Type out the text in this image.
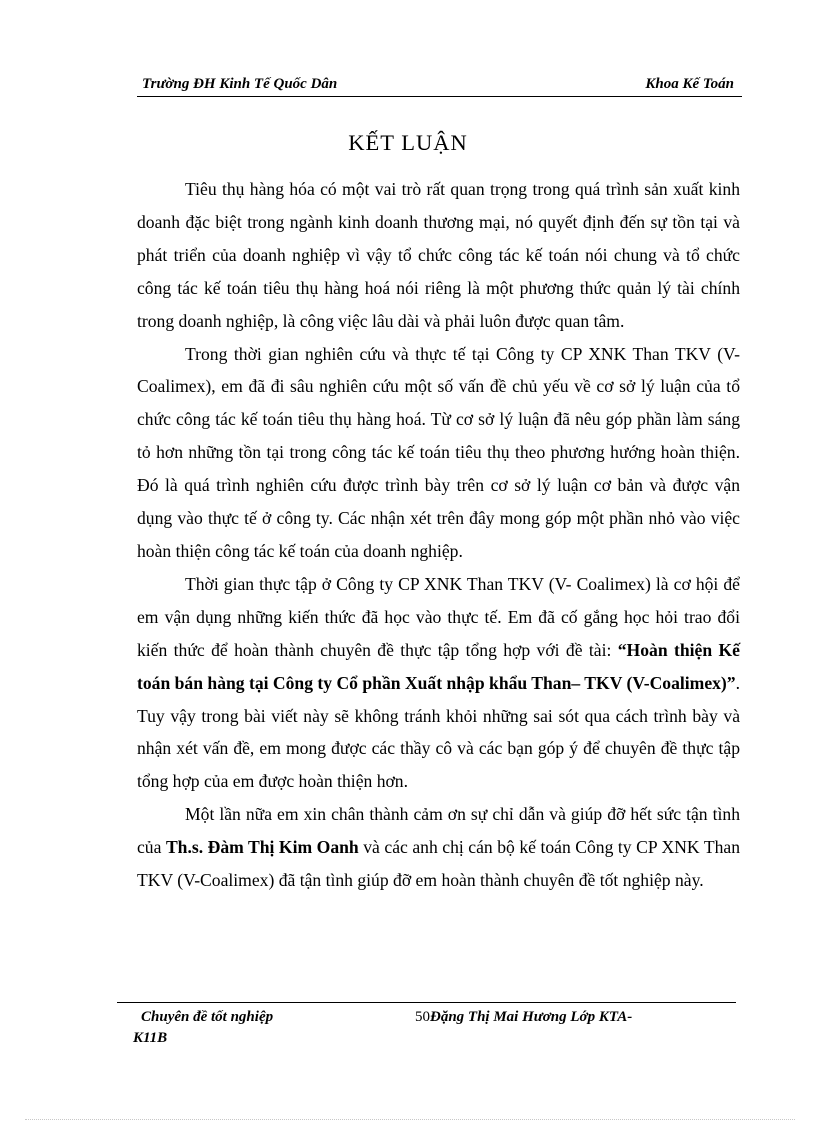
Trường ĐH Kinh Tế Quốc Dân	Khoa Kế Toán
KẾT LUẬN

Tiêu thụ hàng hóa có một vai trò rất quan trọng trong quá trình sản xuất kinh doanh đặc biệt trong ngành kinh doanh thương mại, nó quyết định đến sự tồn tại và phát triển của doanh nghiệp vì vậy tổ chức công tác kế toán nói chung và tổ chức công tác kế toán tiêu thụ hàng hoá nói riêng là một phương thức quản lý tài chính trong doanh nghiệp, là công việc lâu dài và phải luôn được quan tâm.

Trong thời gian nghiên cứu và thực tế tại Công ty CP XNK Than TKV (V- Coalimex), em đã đi sâu nghiên cứu một số vấn đề chủ yếu về cơ sở lý luận của tổ chức công tác kế toán tiêu thụ hàng hoá. Từ cơ sở lý luận đã nêu góp phần làm sáng tỏ hơn những tồn tại trong công tác kế toán tiêu thụ theo phương hướng hoàn thiện. Đó là quá trình nghiên cứu được trình bày trên cơ sở lý luận cơ bản và được vận dụng vào thực tế ở công ty. Các nhận xét trên đây mong góp một phần nhỏ vào việc hoàn thiện công tác kế toán của doanh nghiệp.

Thời gian thực tập ở Công ty CP XNK Than TKV (V- Coalimex) là cơ hội để em vận dụng những kiến thức đã học vào thực tế. Em đã cố gắng học hỏi trao đổi kiến thức để hoàn thành chuyên đề thực tập tổng hợp với đề tài: “Hoàn thiện Kế toán bán hàng tại Công ty Cổ phần Xuất nhập khẩu Than– TKV (V-Coalimex)”. Tuy vậy trong bài viết này sẽ không tránh khỏi những sai sót qua cách trình bày và nhận xét vấn đề, em mong được các thầy cô và các bạn góp ý để chuyên đề thực tập tổng hợp của em được hoàn thiện hơn.

Một lần nữa em xin chân thành cảm ơn sự chỉ dẫn và giúp đỡ hết sức tận tình của Th.s. Đàm Thị Kim Oanh và các anh chị cán bộ kế toán Công ty CP XNK Than TKV (V-Coalimex) đã tận tình giúp đỡ em hoàn thành chuyên đề tốt nghiệp này.

Chuyên đề tốt nghiệp	50Đặng Thị Mai Hương Lớp KTA-
K11B
